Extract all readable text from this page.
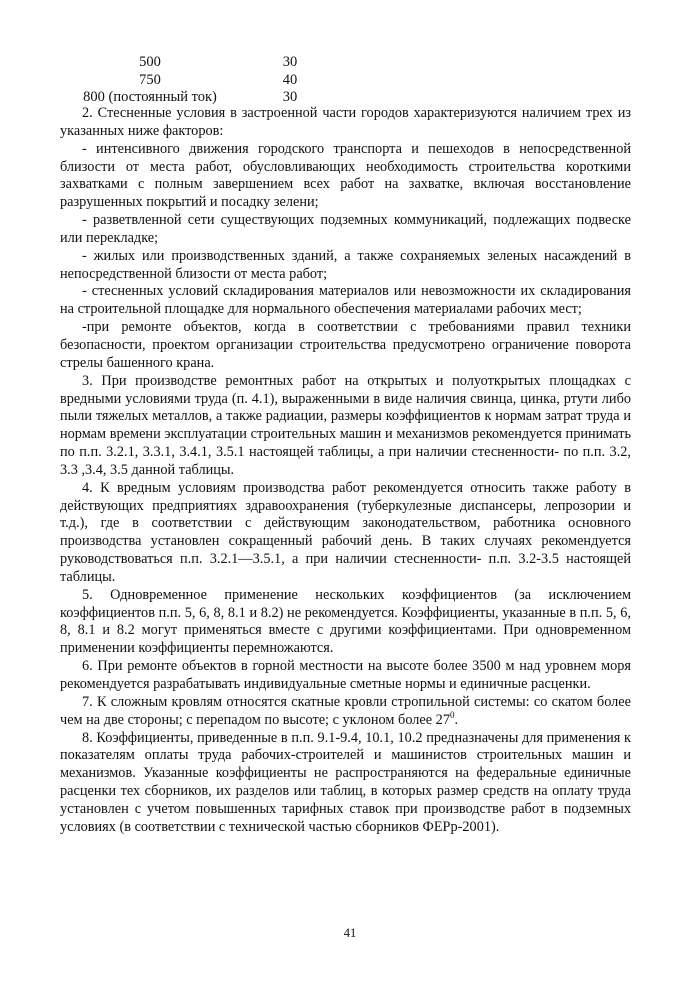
500	30
750	40
800 (постоянный ток)	30

2. Стесненные условия в застроенной части городов характеризуются наличием трех из указанных ниже факторов:

- интенсивного движения городского транспорта и пешеходов в непосредственной близости от места работ, обусловливающих необходимость строительства короткими захватками с полным завершением всех работ на захватке, включая восстановление разрушенных покрытий и посадку зелени;

- разветвленной сети существующих подземных коммуникаций, подлежащих подвеске или перекладке;

- жилых или производственных зданий, а также сохраняемых зеленых насаждений в непосредственной близости от места работ;

- стесненных условий складирования материалов или невозможности их складирования на строительной площадке для нормального обеспечения материалами рабочих мест;

-при ремонте объектов, когда в соответствии с требованиями правил техники безопасности, проектом организации строительства предусмотрено ограничение поворота стрелы башенного крана.

3. При производстве ремонтных работ на открытых и полуоткрытых площадках с вредными условиями труда (п. 4.1), выраженными в виде наличия свинца, цинка, ртути либо пыли тяжелых металлов, а также радиации, размеры коэффициентов к нормам затрат труда и нормам времени эксплуатации строительных машин и механизмов рекомендуется принимать по п.п. 3.2.1, 3.3.1, 3.4.1, 3.5.1 настоящей таблицы, а при наличии стесненности- по п.п. 3.2, 3.3 ,3.4, 3.5 данной таблицы.

4. К вредным условиям производства работ рекомендуется относить также работу в действующих предприятиях здравоохранения (туберкулезные диспансеры, лепрозории и т.д.), где в соответствии с действующим законодательством, работника основного производства установлен сокращенный рабочий день. В таких случаях рекомендуется руководствоваться п.п. 3.2.1—3.5.1, а при наличии стесненности- п.п. 3.2-3.5 настоящей таблицы.

5. Одновременное применение нескольких коэффициентов (за исключением коэффициентов п.п. 5, 6, 8, 8.1 и 8.2) не рекомендуется. Коэффициенты, указанные в п.п. 5, 6, 8, 8.1 и 8.2 могут применяться вместе с другими коэффициентами. При одновременном применении коэффициенты перемножаются.

6. При ремонте объектов в горной местности на высоте более 3500 м над уровнем моря рекомендуется разрабатывать индивидуальные сметные нормы и единичные расценки.

7. К сложным кровлям относятся скатные кровли стропильной системы: со скатом более чем на две стороны; с перепадом по высоте; с уклоном более $27^0$.

8. Коэффициенты, приведенные в п.п. 9.1-9.4, 10.1, 10.2 предназначены для применения к показателям оплаты труда рабочих-строителей и машинистов строительных машин и механизмов. Указанные коэффициенты не распространяются на федеральные единичные расценки тех сборников, их разделов или таблиц, в которых размер средств на оплату труда установлен с учетом повышенных тарифных ставок при производстве работ в подземных условиях (в соответствии с технической частью сборников ФЕРр-2001).

41
